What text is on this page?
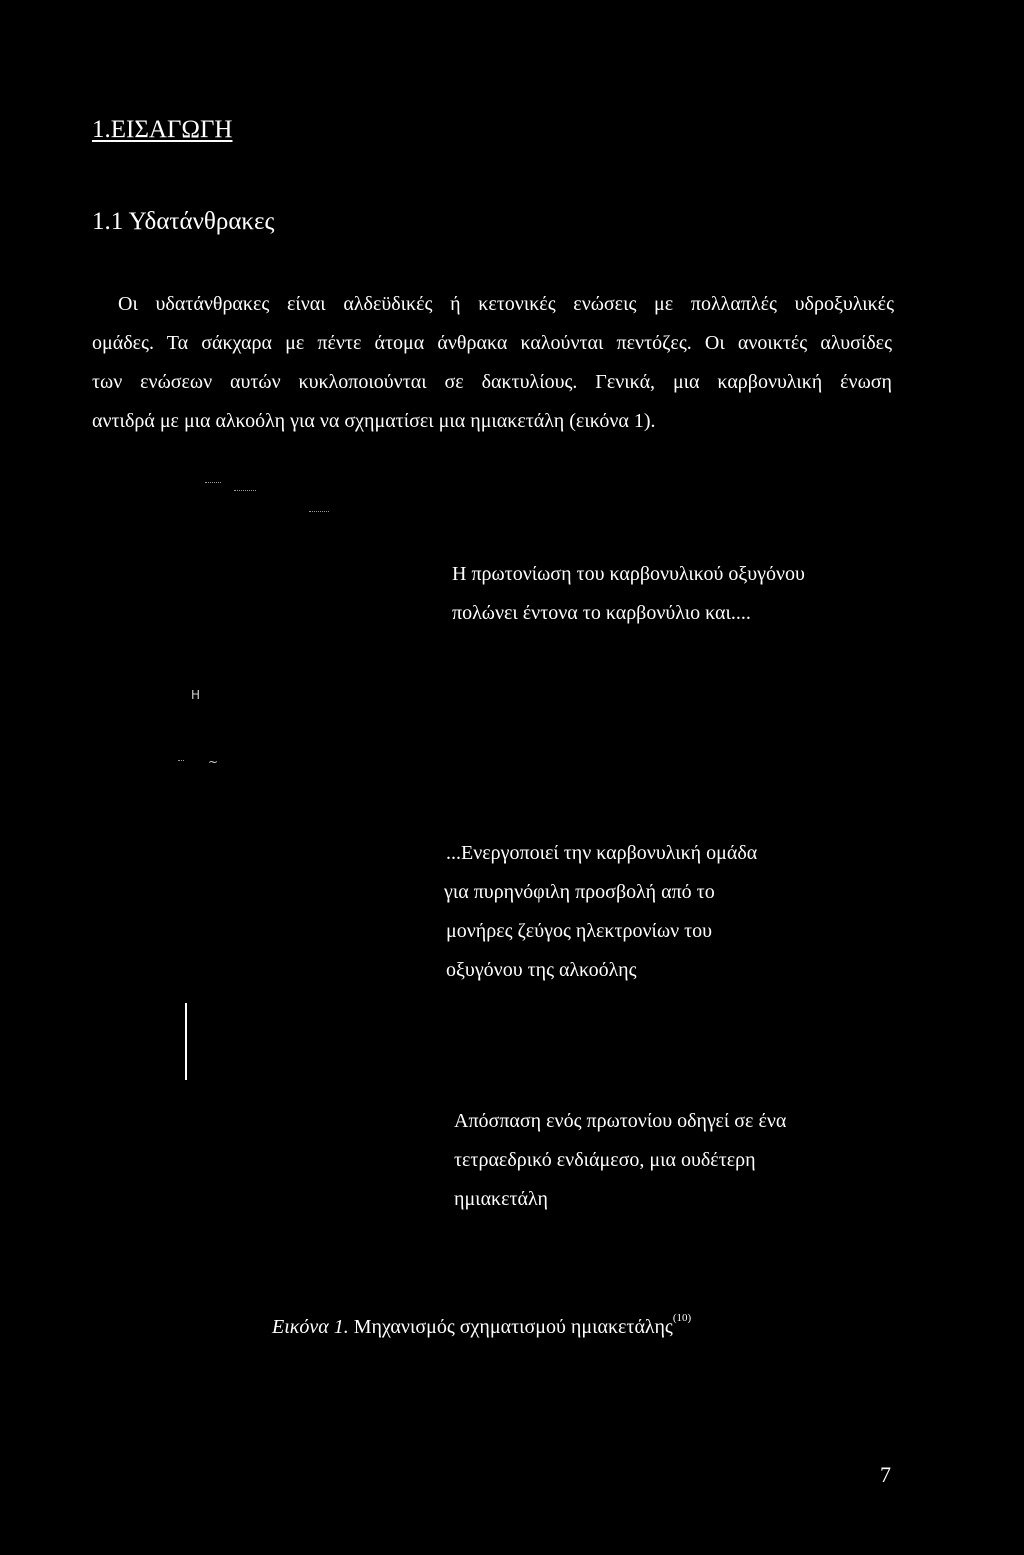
1.ΕΙΣΑΓΩΓΗ
1.1 Υδατάνθρακες
Οι υδατάνθρακες είναι αλδεϋδικές ή κετονικές ενώσεις με πολλαπλές υδροξυλικές
ομάδες. Τα σάκχαρα με πέντε άτομα άνθρακα καλούνται πεντόζες. Οι ανοικτές αλυσίδες
των ενώσεων αυτών κυκλοποιούνται σε δακτυλίους. Γενικά, μια καρβονυλική ένωση
αντιδρά με μια αλκοόλη για να σχηματίσει μια ημιακετάλη (εικόνα 1).
Η πρωτονίωση του καρβονυλικού οξυγόνου
πολώνει έντονα το καρβονύλιο και....
H
~
...Ενεργοποιεί την καρβονυλική ομάδα
για πυρηνόφιλη προσβολή από το
μονήρες ζεύγος ηλεκτρονίων του
οξυγόνου της αλκοόλης
Απόσπαση ενός πρωτονίου οδηγεί σε ένα
τετραεδρικό ενδιάμεσο, μια ουδέτερη
ημιακετάλη
Εικόνα 1. Μηχανισμός σχηματισμού ημιακετάλης$^{(10)}$
7
